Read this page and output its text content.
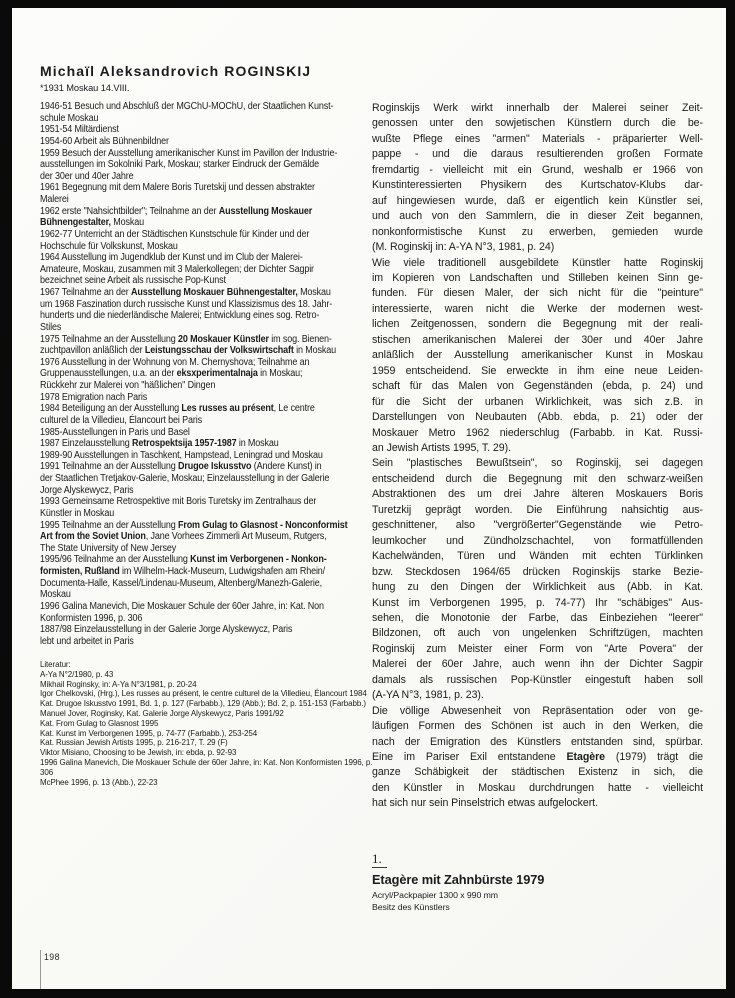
Michaïl Aleksandrovich ROGINSKIJ
*1931 Moskau 14.VIII.
1946-51 Besuch und Abschluß der MGChU-MOChU, der Staatlichen Kunst-
schule Moskau
1951-54 Miltärdienst
1954-60 Arbeit als Bühnenbildner
1959 Besuch der Ausstellung amerikanischer Kunst im Pavillon der Industrie-
ausstellungen im Sokolniki Park, Moskau; starker Eindruck der Gemälde
der 30er und 40er Jahre
1961 Begegnung mit dem Malere Boris Turetskij und dessen abstrakter
Malerei
1962 erste "Nahsichtbilder"; Teilnahme an der Ausstellung Moskauer
Bühnengestalter, Moskau
1962-77 Unterricht an der Städtischen Kunstschule für Kinder und der
Hochschule für Volkskunst, Moskau
1964 Ausstellung im Jugendklub der Kunst und im Club der Malerei-
Amateure, Moskau, zusammen mit 3 Malerkollegen; der Dichter Sagpir
bezeichnet seine Arbeit als russische Pop-Kunst
1967 Teilnahme an der Ausstellung Moskauer Bühnengestalter, Moskau
um 1968 Faszination durch russische Kunst und Klassizismus des 18. Jahr-
hunderts und die niederländische Malerei; Entwicklung eines sog. Retro-
Stiles
1975 Teilnahme an der Ausstellung 20 Moskauer Künstler im sog. Bienen-
zuchtpavillon anläßlich der Leistungsschau der Volkswirtschaft in Moskau
1976 Ausstellung in der Wohnung von M. Chernyshova; Teilnahme an
Gruppenausstellungen, u.a. an der eksxperimentalnaja in Moskau;
Rückkehr zur Malerei von "häßlichen" Dingen
1978 Emigration nach Paris
1984 Beteiligung an der Ausstellung Les russes au présent, Le centre
culturel de la Villedieu, Élancourt bei Paris
1985-Ausstellungen in Paris und Basel
1987 Einzelausstellung Retrospektsija 1957-1987 in Moskau
1989-90 Ausstellungen in Taschkent, Hampstead, Leningrad und Moskau
1991 Teilnahme an der Ausstellung Drugoe Iskusstvo (Andere Kunst) in
der Staatlichen Tretjakov-Galerie, Moskau; Einzelausstellung in der Galerie
Jorge Alyskewycz, Paris
1993 Gemeinsame Retrospektive mit Boris Turetsky im Zentralhaus der
Künstler in Moskau
1995 Teilnahme an der Ausstellung From Gulag to Glasnost - Nonconformist
Art from the Soviet Union, Jane Vorhees Zimmerli Art Museum, Rutgers,
The State University of New Jersey
1995/96 Teilnahme an der Ausstellung Kunst im Verborgenen - Nonkon-
formisten, Rußland im Wilhelm-Hack-Museum, Ludwigshafen am Rhein/
Documenta-Halle, Kassel/Lindenau-Museum, Altenberg/Manezh-Galerie,
Moskau
1996 Galina Manevich, Die Moskauer Schule der 60er Jahre, in: Kat. Non
Konformisten 1996, p. 306
1887/98 Einzelausstellung in der Galerie Jorge Alyskewycz, Paris
lebt und arbeitet in Paris
Literatur:
A-Ya N°2/1980, p. 43
Mikhail Roginsky, in: A-Ya N°3/1981, p. 20-24
Igor Chelkovski, (Hrg.), Les russes au présent, le centre culturel de la Villedieu, Élancourt 1984
Kat. Drugoe Iskusstvo 1991, Bd. 1, p. 127 (Farbabb.), 129 (Abb.); Bd. 2, p. 151-153 (Farbabb.)
Manuel Jover, Roginsky, Kat. Galerie Jorge Alyskewycz, Paris 1991/92
Kat. From Gulag to Glasnost 1995
Kat. Kunst im Verborgenen 1995, p. 74-77 (Farbabb.), 253-254
Kat. Russian Jewish Artists 1995, p. 216-217, T. 29 (F)
Viktor Misiano, Choosing to be Jewish, in: ebda, p. 92-93
1996 Galina Manevich, Die Moskauer Schule der 60er Jahre, in: Kat. Non Konformisten 1996, p. 306
McPhee 1996, p. 13 (Abb.), 22-23
Roginskijs Werk wirkt innerhalb der Malerei seiner Zeit-
genossen unter den sowjetischen Künstlern durch die be-
wußte Pflege eines "armen" Materials - präparierter Well-
pappe - und die daraus resultierenden großen Formate
fremdartig - vielleicht mit ein Grund, weshalb er 1966 von
Kunstinteressierten Physikern des Kurtschatov-Klubs dar-
auf hingewiesen wurde, daß er eigentlich kein Künstler sei,
und auch von den Sammlern, die in dieser Zeit begannen,
nonkonformistische Kunst zu erwerben, gemieden wurde
(M. Roginskij in: A-YA N°3, 1981, p. 24)
Wie viele traditionell ausgebildete Künstler hatte Roginskij
im Kopieren von Landschaften und Stilleben keinen Sinn ge-
funden. Für diesen Maler, der sich nicht für die "peinture"
interessierte, waren nicht die Werke der modernen west-
lichen Zeitgenossen, sondern die Begegnung mit der reali-
stischen amerikanischen Malerei der 30er und 40er Jahre
anläßlich der Ausstellung amerikanischer Kunst in Moskau
1959 entscheidend. Sie erweckte in ihm eine neue Leiden-
schaft für das Malen von Gegenständen (ebda, p. 24) und
für die Sicht der urbanen Wirklichkeit, was sich z.B. in
Darstellungen von Neubauten (Abb. ebda, p. 21) oder der
Moskauer Metro 1962 niederschlug (Farbabb. in Kat. Russi-
an Jewish Artists 1995, T. 29).
Sein "plastisches Bewußtsein", so Roginskij, sei dagegen
entscheidend durch die Begegnung mit den schwarz-weißen
Abstraktionen des um drei Jahre älteren Moskauers Boris
Turetzkij geprägt worden. Die Einführung nahsichtig aus-
geschnittener, also "vergrößerter"Gegenstände wie Petro-
leumkocher und Zündholzschachtel, von formatfüllenden
Kachelwänden, Türen und Wänden mit echten Türklinken
bzw. Steckdosen 1964/65 drücken Roginskijs starke Bezie-
hung zu den Dingen der Wirklichkeit aus (Abb. in Kat.
Kunst im Verborgenen 1995, p. 74-77) Ihr "schäbiges" Aus-
sehen, die Monotonie der Farbe, das Einbeziehen "leerer"
Bildzonen, oft auch von ungelenken Schriftzügen, machten
Roginskij zum Meister einer Form von "Arte Povera" der
Malerei der 60er Jahre, auch wenn ihn der Dichter Sagpir
damals als russischen Pop-Künstler eingestuft haben soll
(A-YA N°3, 1981, p. 23).
Die völlige Abwesenheit von Repräsentation oder von ge-
läufigen Formen des Schönen ist auch in den Werken, die
nach der Emigration des Künstlers entstanden sind, spürbar.
Eine im Pariser Exil entstandene Etagère (1979) trägt die
ganze Schäbigkeit der städtischen Existenz in sich, die
den Künstler in Moskau durchdrungen hatte - vielleicht
hat sich nur sein Pinselstrich etwas aufgelockert.
1.
Etagère mit Zahnbürste 1979
Acryl/Packpapier 1300 x 990 mm
Besitz des Künstlers
198
